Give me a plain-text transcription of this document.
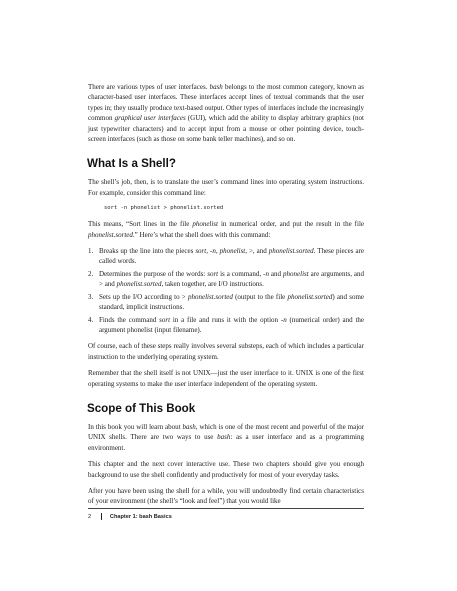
There are various types of user interfaces. bash belongs to the most common category, known as character-based user interfaces. These interfaces accept lines of textual commands that the user types in; they usually produce text-based output. Other types of interfaces include the increasingly common graphical user interfaces (GUI), which add the ability to display arbitrary graphics (not just typewriter characters) and to accept input from a mouse or other pointing device, touch-screen interfaces (such as those on some bank teller machines), and so on.

What Is a Shell?

The shell’s job, then, is to translate the user’s command lines into operating system instructions. For example, consider this command line:

sort -n phonelist > phonelist.sorted

This means, “Sort lines in the file phonelist in numerical order, and put the result in the file phonelist.sorted.” Here’s what the shell does with this command:

1. Breaks up the line into the pieces sort, -n, phonelist, >, and phonelist.sorted. These pieces are called words.
2. Determines the purpose of the words: sort is a command, -n and phonelist are arguments, and > and phonelist.sorted, taken together, are I/O instructions.
3. Sets up the I/O according to > phonelist.sorted (output to the file phonelist.sorted) and some standard, implicit instructions.
4. Finds the command sort in a file and runs it with the option -n (numerical order) and the argument phonelist (input filename).

Of course, each of these steps really involves several substeps, each of which includes a particular instruction to the underlying operating system.

Remember that the shell itself is not UNIX—just the user interface to it. UNIX is one of the first operating systems to make the user interface independent of the operating system.

Scope of This Book

In this book you will learn about bash, which is one of the most recent and powerful of the major UNIX shells. There are two ways to use bash: as a user interface and as a programming environment.

This chapter and the next cover interactive use. These two chapters should give you enough background to use the shell confidently and productively for most of your everyday tasks.

After you have been using the shell for a while, you will undoubtedly find certain characteristics of your environment (the shell’s “look and feel”) that you would like

2	Chapter 1:
bash Basics
